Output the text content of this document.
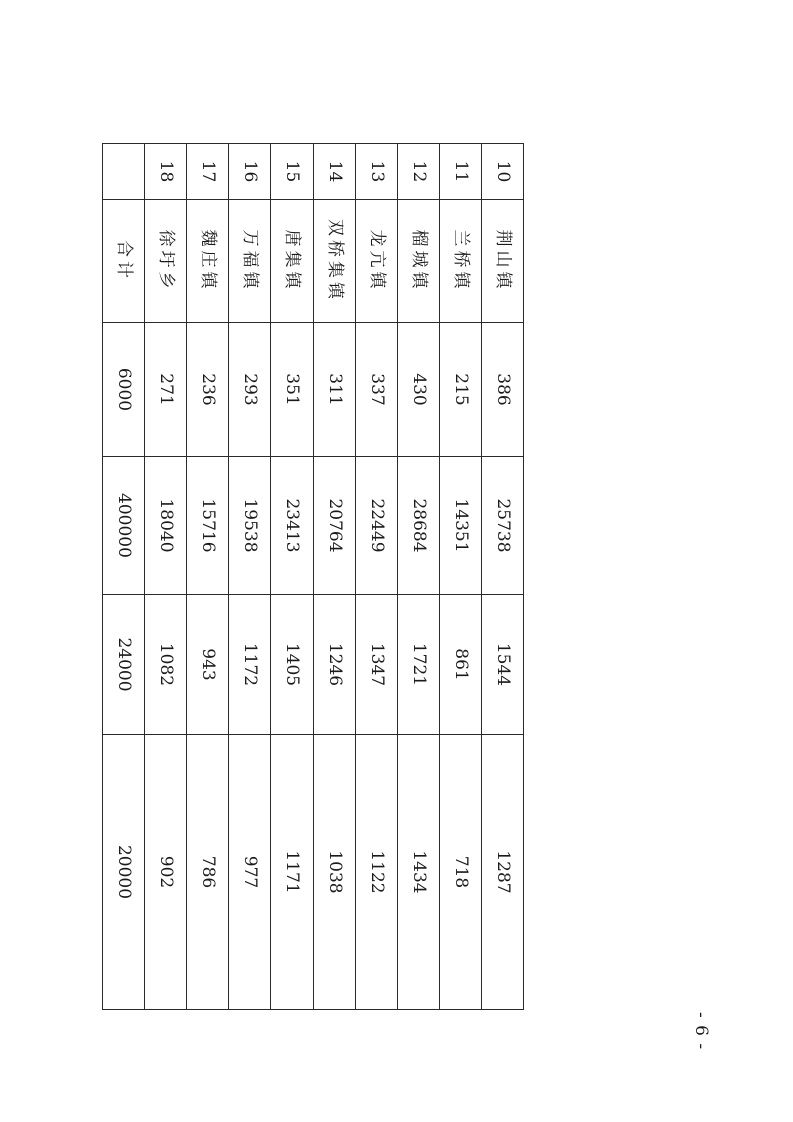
10	荆山镇	386	25738	1544	1287
11	兰桥镇	215	14351	861	718
12	榴城镇	430	28684	1721	1434
13	龙亢镇	337	22449	1347	1122
14	双桥集镇	311	20764	1246	1038
15	唐集镇	351	23413	1405	1171
16	万福镇	293	19538	1172	977
17	魏庄镇	236	15716	943	786
18	徐圩乡	271	18040	1082	902
	合计	6000	400000	24000	20000
- 6 -
